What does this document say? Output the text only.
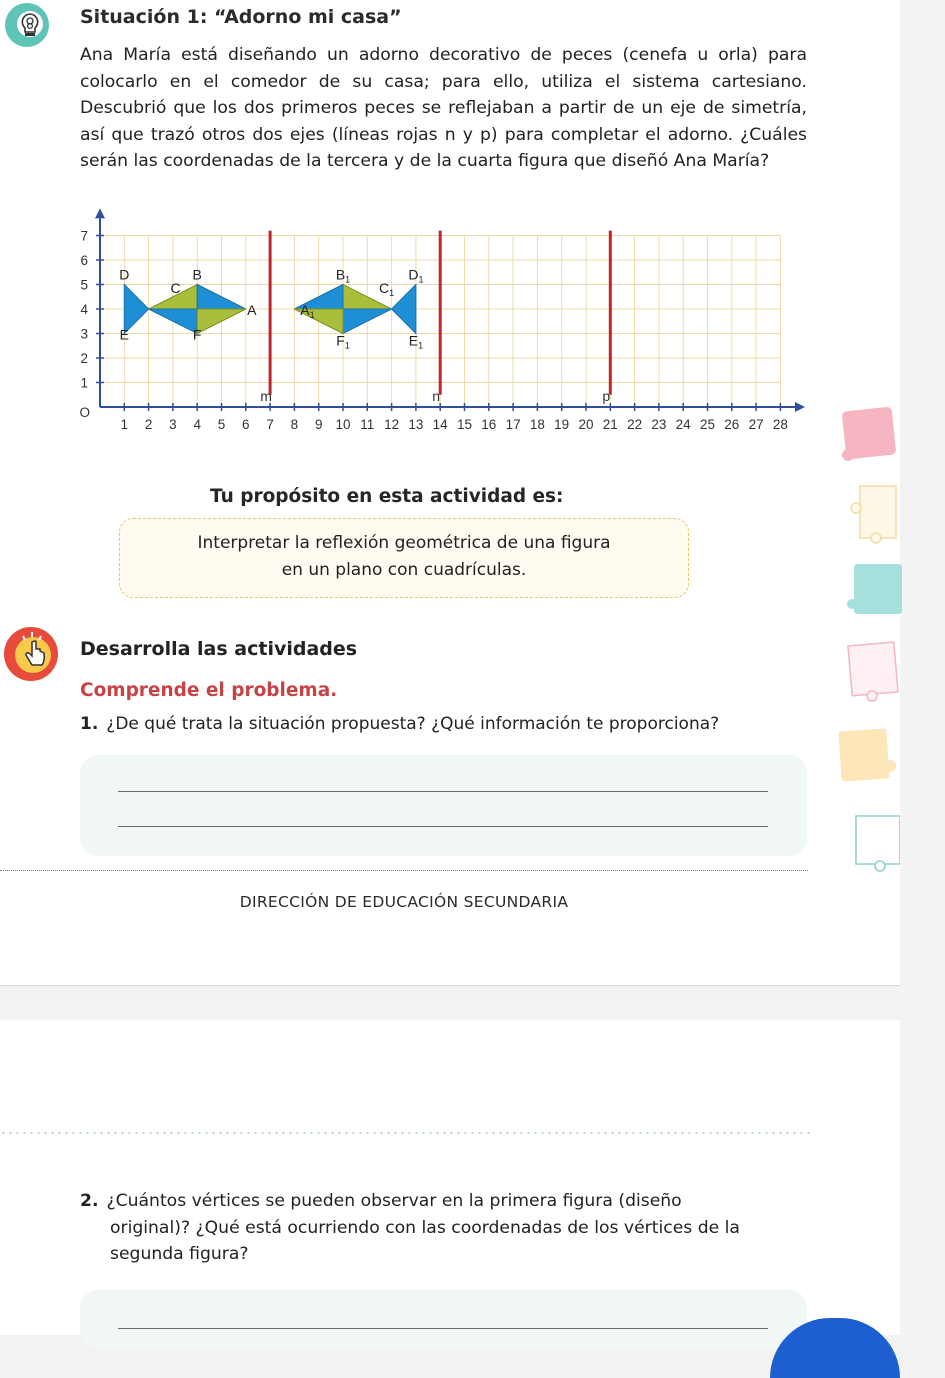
Situación 1: “Adorno mi casa”
Ana María está diseñando un adorno decorativo de peces (cenefa u orla) para colocarlo en el comedor de su casa; para ello, utiliza el sistema cartesiano. Descubrió que los dos primeros peces se reflejaban a partir de un eje de simetría, así que trazó otros dos ejes (líneas rojas n y p) para completar el adorno. ¿Cuáles serán las coordenadas de la tercera y de la cuarta figura que diseñó Ana María?
m	n	p
1 2 3 4 5 6 7 8 9 10 11 12 13 14 15 16 17 18 19 20 21 22 23 24 25 26 27 28
1
2
3
4
5
6
7
O
D	B
C
A
E	F
$B_1$	$D_1$
$C_1$
$A_1$
$F_1$	$E_1$
Tu propósito en esta actividad es:
Interpretar la reflexión geométrica de una figura
en un plano con cuadrículas.
Desarrolla las actividades
Comprende el problema.
1. ¿De qué trata la situación propuesta? ¿Qué información te proporciona?
DIRECCIÓN DE EDUCACIÓN SECUNDARIA
2. ¿Cuántos vértices se pueden observar en la primera figura (diseño
original)? ¿Qué está ocurriendo con las coordenadas de los vértices de la
segunda figura?
